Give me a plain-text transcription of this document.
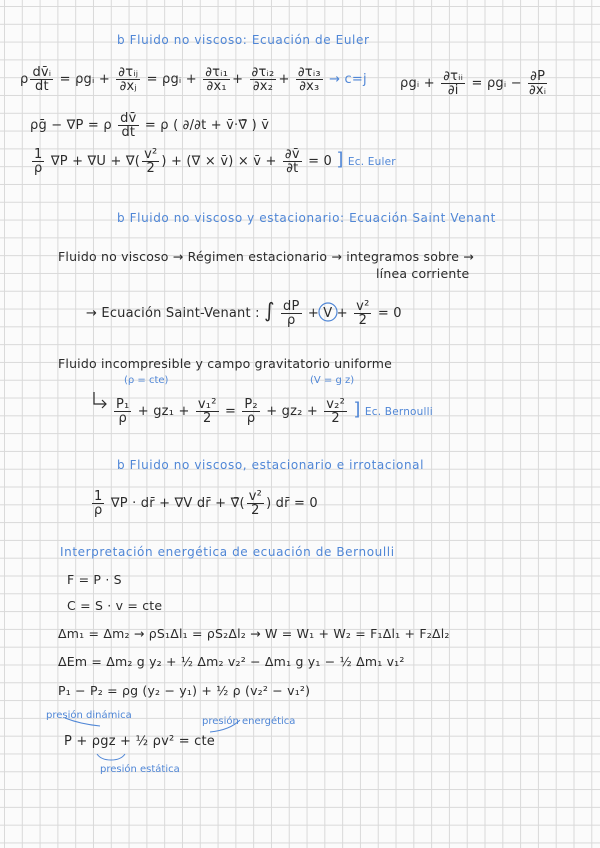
b Fluido no viscoso: Ecuación de Euler
ρ $\frac{\text{dv̄ᵢ}}{dt}$ = ρgᵢ + $\frac{\text{∂τᵢⱼ}}{\text{∂xⱼ}}$ = ρgᵢ + $\frac{\text{∂τᵢ₁}}{\text{∂x₁}} + \frac{\text{∂τᵢ₂}}{\text{∂x₂}} + \frac{\text{∂τᵢ₃}}{\text{∂x₃}} \to c=j$	ρgᵢ + $\frac{\text{∂τᵢᵢ}}{\partial i}$ = ρgᵢ − $\frac{\partial P}{\text{∂xᵢ}}$
ρḡ − ∇P = ρ $\frac{dv̄}{dt} = \rho$ ( ∂/∂t + v̄·∇̄ ) v̄
$\frac{1}{\rho} \nabla P + \nabla U$ + ∇( $\frac{\text{v²}}{2}$ ) + (∇ × v̄) × v̄ + $\frac{\partial v̄}{\partial t} = 0$ ] Ec. Euler
b Fluido no viscoso y estacionario: Ecuación Saint Venant
Fluido no viscoso → Régimen estacionario → integramos sobre →
línea corriente
→ Ecuación Saint-Venant : ∫ $\frac{dP}{\rho} + V + \frac{\text{v²}}{2} = 0$
Fluido incompresible y campo gravitatorio uniforme
(ρ = cte)	(V = g z)
$\frac{\text{P₁}}{\rho} + gz_1 + \frac{\text{v₁²}}{2} = \frac{\text{P₂}}{\rho} + gz_2 + \frac{\text{v₂²}}{2}$ ] Ec. Bernoulli
b Fluido no viscoso, estacionario e irrotacional
$\frac{1}{\rho} \nabla P$ · dr̄ + ∇V dr̄ + ∇̄( $\frac{\text{v²}}{2}$ ) dr̄ = 0
Interpretación energética de ecuación de Bernoulli
F = P · S
C = S · v = cte
Δm₁ = Δm₂ → ρS₁Δl₁ = ρS₂Δl₂ → W = W₁ + W₂ = F₁Δl₁ + F₂Δl₂
ΔEm = Δm₂ g y₂ + ½ Δm₂ v₂² − Δm₁ g y₁ − ½ Δm₁ v₁²
P₁ − P₂ = ρg (y₂ − y₁) + ½ ρ (v₂² − v₁²)
presión dinámica
presión energética
P + ρgz + ½ ρv² = cte
presión estática
